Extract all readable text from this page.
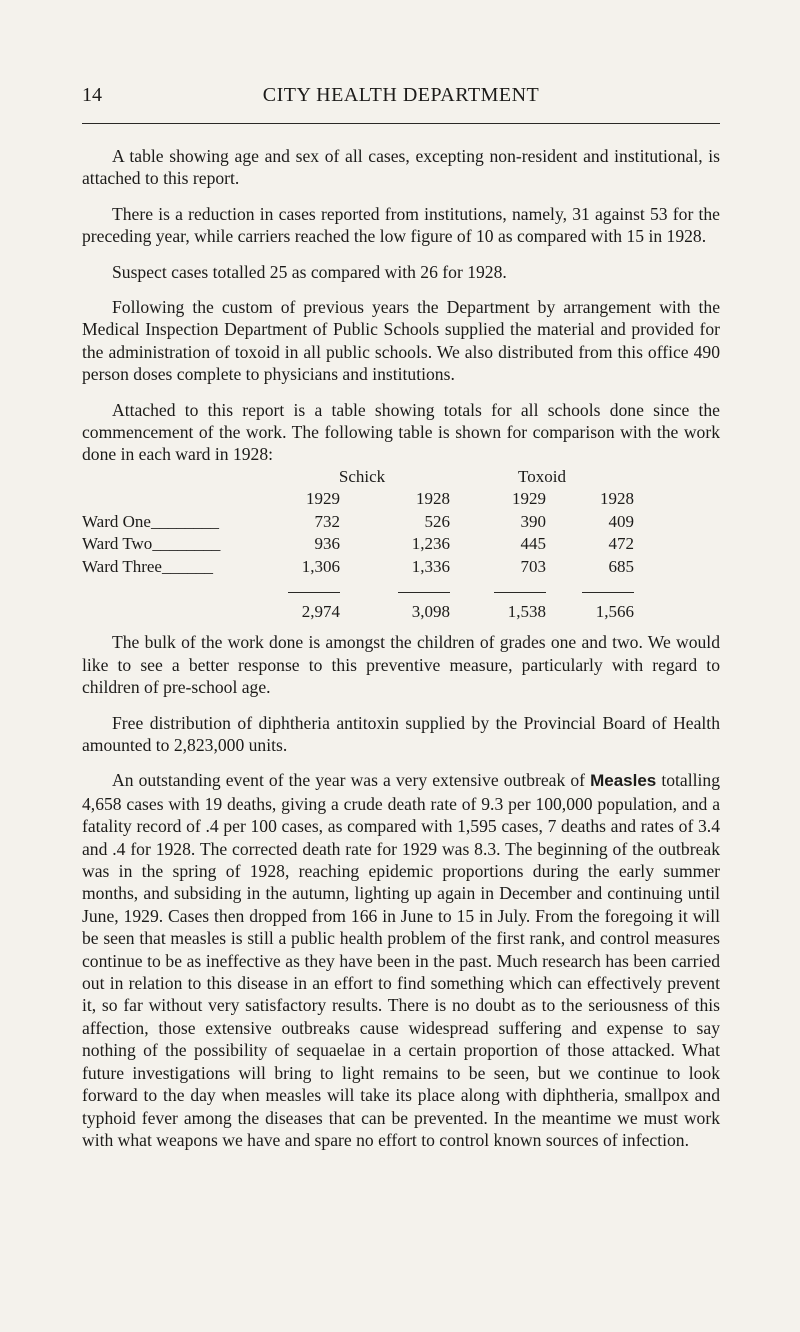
14	CITY HEALTH DEPARTMENT

A table showing age and sex of all cases, excepting non-resident and institutional, is attached to this report.

There is a reduction in cases reported from institutions, namely, 31 against 53 for the preceding year, while carriers reached the low figure of 10 as compared with 15 in 1928.

Suspect cases totalled 25 as compared with 26 for 1928.

Following the custom of previous years the Department by arrangement with the Medical Inspection Department of Public Schools supplied the material and provided for the administration of toxoid in all public schools. We also distributed from this office 490 person doses complete to physicians and institutions.

Attached to this report is a table showing totals for all schools done since the commencement of the work. The following table is shown for comparison with the work done in each ward in 1928:

	Schick		Toxoid	
	1929	1928	1929	1928
Ward One________	732	526	390	409
Ward Two________	936	1,236	445	472
Ward Three______	1,306	1,336	703	685

	2,974	3,098	1,538	1,566

The bulk of the work done is amongst the children of grades one and two. We would like to see a better response to this preventive measure, particularly with regard to children of pre-school age.

Free distribution of diphtheria antitoxin supplied by the Provincial Board of Health amounted to 2,823,000 units.

An outstanding event of the year was a very extensive outbreak of Measles totalling 4,658 cases with 19 deaths, giving a crude death rate of 9.3 per 100,000 population, and a fatality record of .4 per 100 cases, as compared with 1,595 cases, 7 deaths and rates of 3.4 and .4 for 1928. The corrected death rate for 1929 was 8.3. The beginning of the outbreak was in the spring of 1928, reaching epidemic proportions during the early summer months, and subsiding in the autumn, lighting up again in December and continuing until June, 1929. Cases then dropped from 166 in June to 15 in July. From the foregoing it will be seen that measles is still a public health problem of the first rank, and control measures continue to be as ineffective as they have been in the past. Much research has been carried out in relation to this disease in an effort to find something which can effectively prevent it, so far without very satisfactory results. There is no doubt as to the seriousness of this affection, those extensive outbreaks cause widespread suffering and expense to say nothing of the possibility of sequaelae in a certain proportion of those attacked. What future investigations will bring to light remains to be seen, but we continue to look forward to the day when measles will take its place along with diphtheria, smallpox and typhoid fever among the diseases that can be prevented. In the meantime we must work with what weapons we have and spare no effort to control known sources of infection.
